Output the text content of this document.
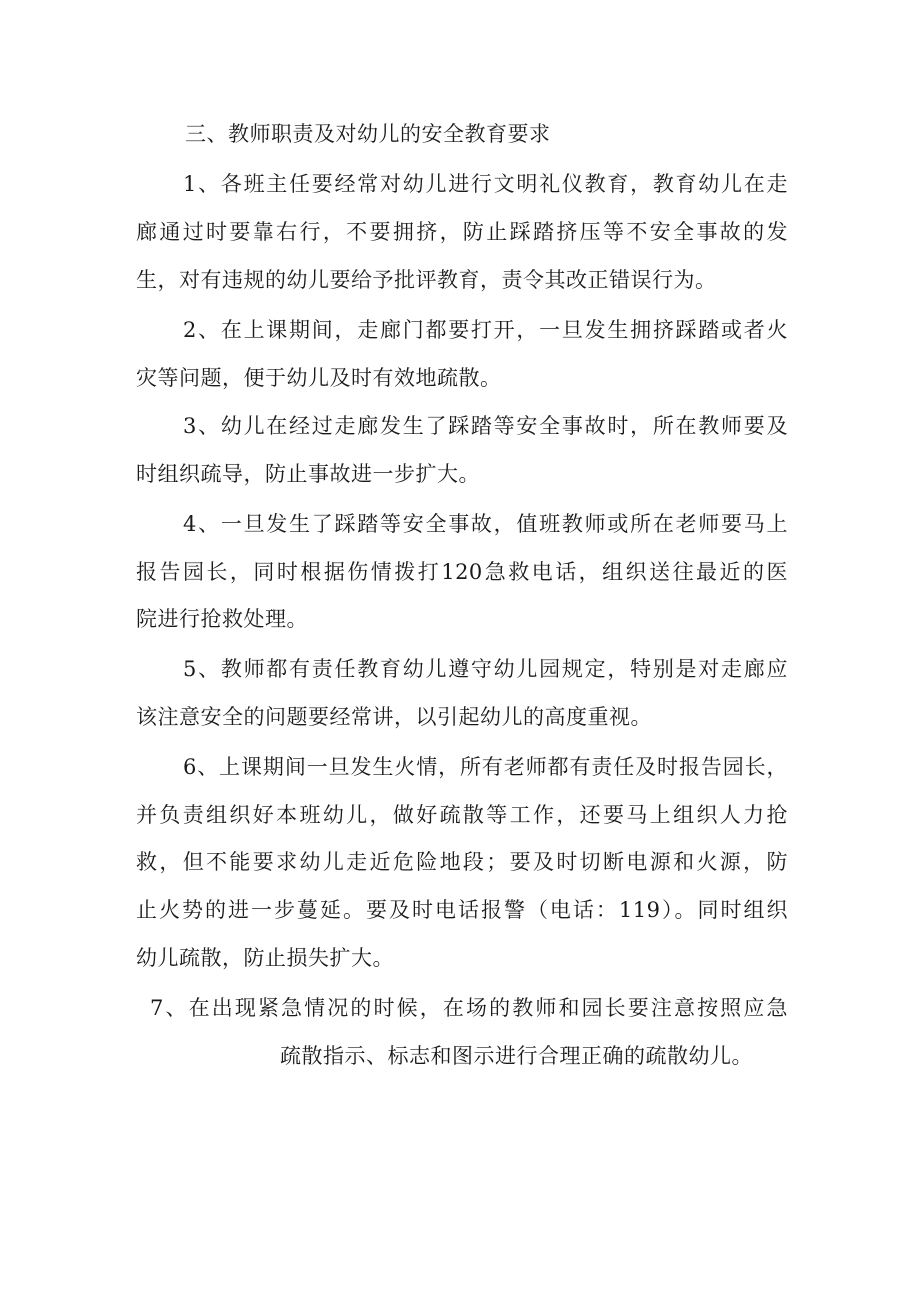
三、教师职责及对幼儿的安全教育要求
1、各班主任要经常对幼儿进行文明礼仪教育，教育幼儿在走
廊通过时要靠右行，不要拥挤，防止踩踏挤压等不安全事故的发
生，对有违规的幼儿要给予批评教育，责令其改正错误行为。
2、在上课期间，走廊门都要打开，一旦发生拥挤踩踏或者火
灾等问题，便于幼儿及时有效地疏散。
3、幼儿在经过走廊发生了踩踏等安全事故时，所在教师要及
时组织疏导，防止事故进一步扩大。
4、一旦发生了踩踏等安全事故，值班教师或所在老师要马上
报告园长，同时根据伤情拨打120急救电话，组织送往最近的医
院进行抢救处理。
5、教师都有责任教育幼儿遵守幼儿园规定，特别是对走廊应
该注意安全的问题要经常讲，以引起幼儿的高度重视。
6、上课期间一旦发生火情，所有老师都有责任及时报告园长，
并负责组织好本班幼儿，做好疏散等工作，还要马上组织人力抢
救，但不能要求幼儿走近危险地段；要及时切断电源和火源，防
止火势的进一步蔓延。要及时电话报警（电话：119）。同时组织
幼儿疏散，防止损失扩大。
7、在出现紧急情况的时候，在场的教师和园长要注意按照应急
疏散指示、标志和图示进行合理正确的疏散幼儿。
